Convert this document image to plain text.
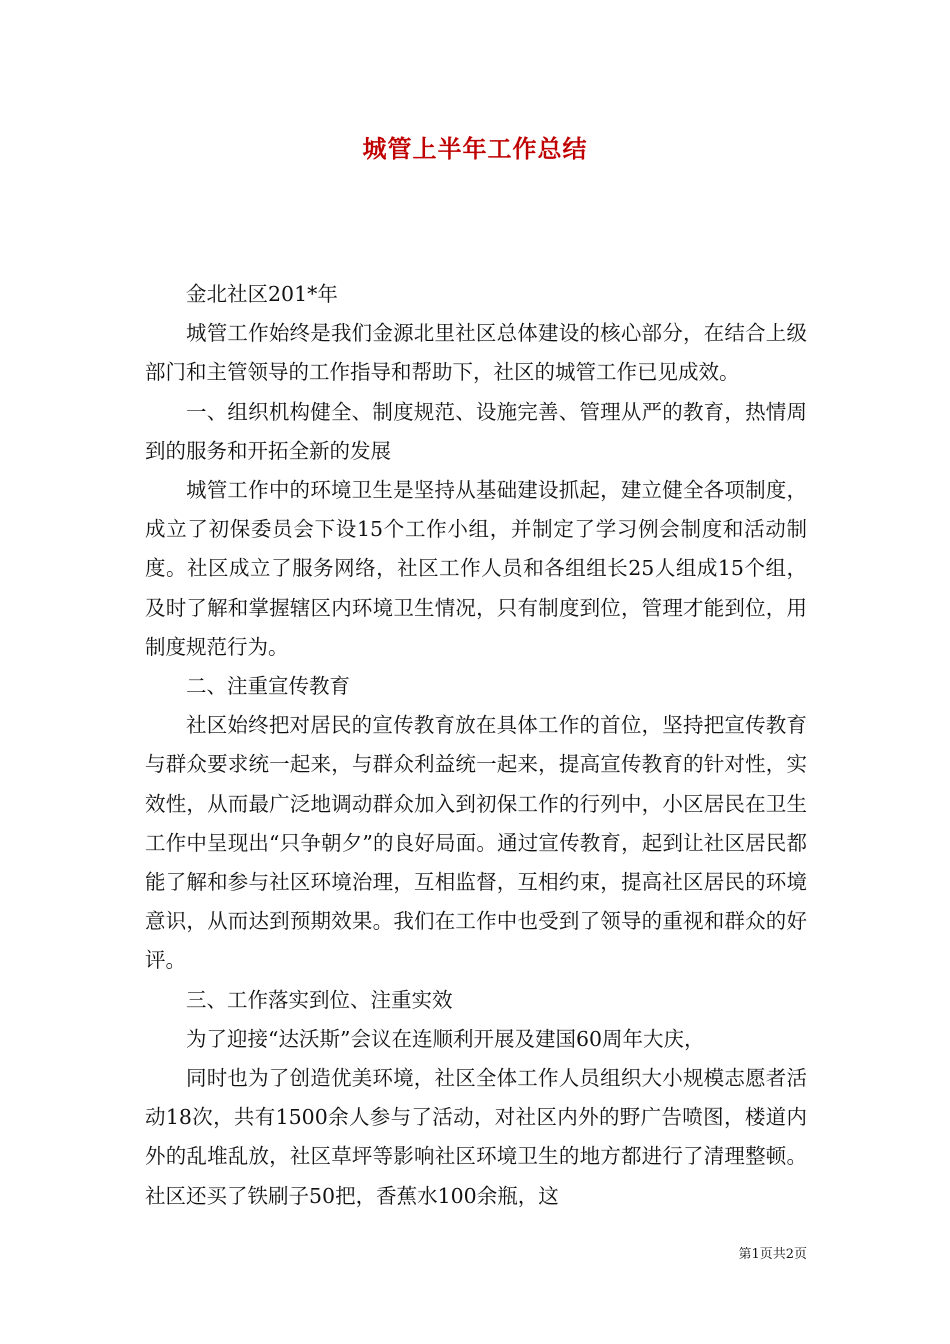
城管上半年工作总结

金北社区201*年

城管工作始终是我们金源北里社区总体建设的核心部分，在结合上级部门和主管领导的工作指导和帮助下，社区的城管工作已见成效。

一、组织机构健全、制度规范、设施完善、管理从严的教育，热情周到的服务和开拓全新的发展

城管工作中的环境卫生是坚持从基础建设抓起，建立健全各项制度，成立了初保委员会下设15个工作小组，并制定了学习例会制度和活动制度。社区成立了服务网络，社区工作人员和各组组长25人组成15个组，及时了解和掌握辖区内环境卫生情况，只有制度到位，管理才能到位，用制度规范行为。

二、注重宣传教育

社区始终把对居民的宣传教育放在具体工作的首位，坚持把宣传教育与群众要求统一起来，与群众利益统一起来，提高宣传教育的针对性，实效性，从而最广泛地调动群众加入到初保工作的行列中，小区居民在卫生工作中呈现出“只争朝夕”的良好局面。通过宣传教育，起到让社区居民都能了解和参与社区环境治理，互相监督，互相约束，提高社区居民的环境意识，从而达到预期效果。我们在工作中也受到了领导的重视和群众的好评。

三、工作落实到位、注重实效

为了迎接“达沃斯”会议在连顺利开展及建国60周年大庆，

同时也为了创造优美环境，社区全体工作人员组织大小规模志愿者活动18次，共有1500余人参与了活动，对社区内外的野广告喷图，楼道内外的乱堆乱放，社区草坪等影响社区环境卫生的地方都进行了清理整顿。社区还买了铁刷子50把，香蕉水100余瓶，这

第1页共2页
